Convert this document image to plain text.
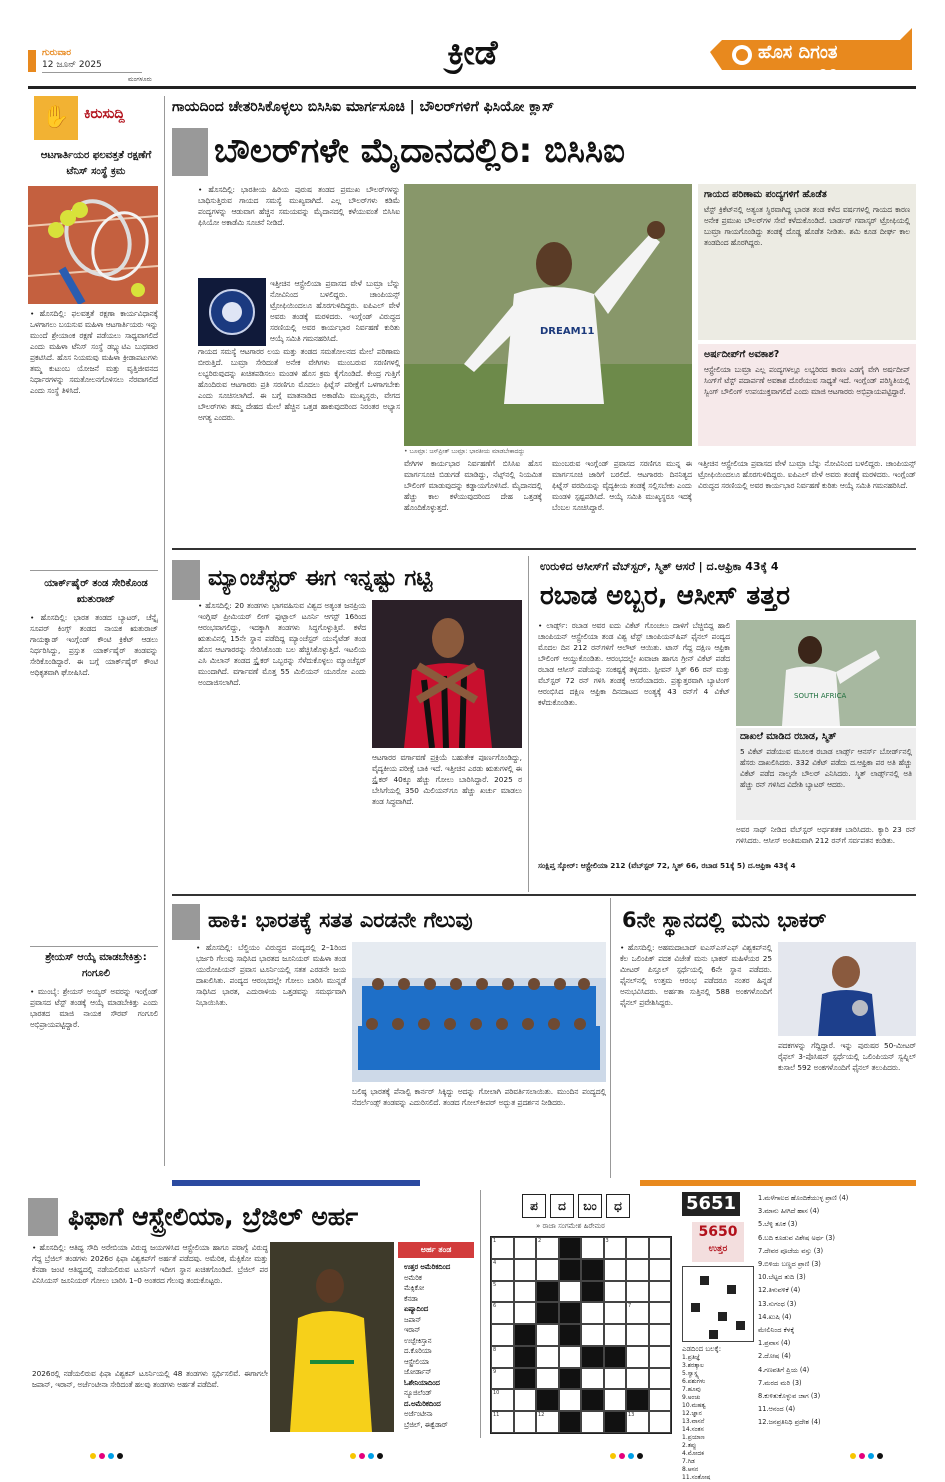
ಗುರುವಾರ
12 ಜೂನ್ 2025
ಮಂಗಳೂರು
ಕ್ರೀಡೆ	ಹೊಸ ದಿಗಂತ
೧೧
✋ ಕಿರುಸುದ್ದಿ
ಆಟಗಾರ್ತಿಯರ ಫಲವತ್ತತೆ ರಕ್ಷಣೆಗೆ ಟೆನಿಸ್ ಸಂಸ್ಥೆ ಕ್ರಮ
• ಹೊಸದಿಲ್ಲಿ: ಫಲವತ್ತತೆ ರಕ್ಷಣಾ ಕಾರ್ಯವಿಧಾನಕ್ಕೆ ಒಳಗಾಗಲು ಬಯಸುವ ಮಹಿಳಾ ಆಟಗಾರ್ತಿಯರು ಇನ್ನು ಮುಂದೆ ಶ್ರೇಯಾಂಕ ರಕ್ಷಣೆ ಪಡೆಯಲು ಸಾಧ್ಯವಾಗಲಿದೆ ಎಂದು ಮಹಿಳಾ ಟೆನಿಸ್ ಸಂಸ್ಥೆ ಡಬ್ಲ್ಯುಟಿಎ ಬುಧವಾರ ಪ್ರಕಟಿಸಿದೆ. ಹೊಸ ನಿಯಮವು ಮಹಿಳಾ ಕ್ರೀಡಾಪಟುಗಳು ತಮ್ಮ ಕುಟುಂಬ ಯೋಜನೆ ಮತ್ತು ವೃತ್ತಿಜೀವನದ ನಿರ್ಧಾರಗಳನ್ನು ಸಮತೋಲನಗೊಳಿಸಲು ನೆರವಾಗಲಿದೆ ಎಂದು ಸಂಸ್ಥೆ ತಿಳಿಸಿದೆ.
ಯಾರ್ಕ್‌ಷೈರ್ ತಂಡ ಸೇರಿಕೊಂಡ ಋತುರಾಜ್
• ಹೊಸದಿಲ್ಲಿ: ಭಾರತ ತಂಡದ ಬ್ಯಾಟರ್, ಚೆನ್ನೈ ಸೂಪರ್ ಕಿಂಗ್ಸ್ ತಂಡದ ನಾಯಕ ಋತುರಾಜ್ ಗಾಯಕ್ವಾಡ್ ಇಂಗ್ಲೆಂಡ್ ಕೌಂಟಿ ಕ್ರಿಕೆಟ್ ಆಡಲು ನಿರ್ಧರಿಸಿದ್ದು, ಪ್ರಸ್ತುತ ಯಾರ್ಕ್‌ಷೈರ್ ತಂಡವನ್ನು ಸೇರಿಕೊಂಡಿದ್ದಾರೆ. ಈ ಬಗ್ಗೆ ಯಾರ್ಕ್‌ಷೈರ್ ಕೌಂಟಿ ಅಧಿಕೃತವಾಗಿ ಘೋಷಿಸಿದೆ.
ಶ್ರೇಯಸ್ ಆಯ್ಕೆ ಮಾಡಬೇಕಿತ್ತು: ಗಂಗೂಲಿ
• ಮುಂಬೈ: ಶ್ರೇಯಸ್ ಅಯ್ಯರ್ ಅವರನ್ನು ಇಂಗ್ಲೆಂಡ್ ಪ್ರವಾಸದ ಟೆಸ್ಟ್ ತಂಡಕ್ಕೆ ಆಯ್ಕೆ ಮಾಡಬೇಕಿತ್ತು ಎಂದು ಭಾರತದ ಮಾಜಿ ನಾಯಕ ಸೌರವ್ ಗಂಗೂಲಿ ಅಭಿಪ್ರಾಯಪಟ್ಟಿದ್ದಾರೆ.
ಗಾಯದಿಂದ ಚೇತರಿಸಿಕೊಳ್ಳಲು ಬಿಸಿಸಿಐ ಮಾರ್ಗಸೂಚಿ | ಬೌಲರ್‌ಗಳಿಗೆ ಫಿಸಿಯೋ ಕ್ಲಾಸ್
ಬೌಲರ್‌ಗಳೇ ಮೈದಾನದಲ್ಲಿರಿ: ಬಿಸಿಸಿಐ
• ಹೊಸದಿಲ್ಲಿ: ಭಾರತೀಯ ಹಿರಿಯ ಪುರುಷ ತಂಡದ ಪ್ರಮುಖ ಬೌಲರ್‌ಗಳನ್ನು ಬಾಧಿಸುತ್ತಿರುವ ಗಾಯದ ಸಮಸ್ಯೆ ಮುಖ್ಯವಾಗಿದೆ. ಎಲ್ಲ ಬೌಲರ್‌ಗಳು ಕಡಿಮೆ ಪಂದ್ಯಗಳನ್ನು ಆಡುವಾಗ ಹೆಚ್ಚಿನ ಸಮಯವನ್ನು ಮೈದಾನದಲ್ಲಿ ಕಳೆಯುವಂತೆ ಬಿಸಿಸಿಐ ಫಿಸಿಯೋ ಅಕಾಡೆಮಿ ಸೂಚನೆ ನೀಡಿದೆ.
ಗಾಯದ ಸಮಸ್ಯೆ ಆಟಗಾರರ ಲಯ ಮತ್ತು ತಂಡದ ಸಮತೋಲನದ ಮೇಲೆ ಪರಿಣಾಮ ಬೀರುತ್ತಿದೆ. ಬುಮ್ರಾ ಸೇರಿದಂತೆ ಅನೇಕ ವೇಗಿಗಳು ಮುಂಬರುವ ಸರಣಿಗಳಲ್ಲಿ ಲಭ್ಯರಿರುವುದನ್ನು ಖಚಿತಪಡಿಸಲು ಮಂಡಳಿ ಹೊಸ ಕ್ರಮ ಕೈಗೊಂಡಿದೆ. ಕೇಂದ್ರ ಗುತ್ತಿಗೆ ಹೊಂದಿರುವ ಆಟಗಾರರು ಪ್ರತಿ ಸರಣಿಗೂ ಮೊದಲು ಫಿಟ್ನೆಸ್ ಪರೀಕ್ಷೆಗೆ ಒಳಗಾಗಬೇಕು ಎಂದು ಸೂಚಿಸಲಾಗಿದೆ. ಈ ಬಗ್ಗೆ ಮಾತನಾಡಿದ ಅಕಾಡೆಮಿ ಮುಖ್ಯಸ್ಥರು, ವೇಗದ ಬೌಲರ್‌ಗಳು ತಮ್ಮ ದೇಹದ ಮೇಲೆ ಹೆಚ್ಚಿನ ಒತ್ತಡ ಹಾಕುವುದರಿಂದ ನಿರಂತರ ಅಭ್ಯಾಸ ಅಗತ್ಯ ಎಂದರು.
ಇತ್ತೀಚಿನ ಆಸ್ಟ್ರೇಲಿಯಾ ಪ್ರವಾಸದ ವೇಳೆ ಬುಮ್ರಾ ಬೆನ್ನು ನೋವಿನಿಂದ ಬಳಲಿದ್ದರು. ಚಾಂಪಿಯನ್ಸ್ ಟ್ರೋಫಿಯಿಂದಲೂ ಹೊರಗುಳಿದಿದ್ದರು. ಐಪಿಎಲ್ ವೇಳೆ ಅವರು ತಂಡಕ್ಕೆ ಮರಳಿದರು. ಇಂಗ್ಲೆಂಡ್ ವಿರುದ್ಧದ ಸರಣಿಯಲ್ಲಿ ಅವರ ಕಾರ್ಯಭಾರ ನಿರ್ವಹಣೆ ಕುರಿತು ಆಯ್ಕೆ ಸಮಿತಿ ಗಮನಹರಿಸಿದೆ.
DREAM11
• ಬೂಮ್ರಾ: ಜಸ್‌ಪ್ರೀತ್ ಬುಮ್ರಾ: ಭಾರತೀಯ ಮಾಡಬೇಕಾದದ್ದು
ವೇಗಿಗಳ ಕಾರ್ಯಭಾರ ನಿರ್ವಹಣೆಗೆ ಬಿಸಿಸಿಐ ಹೊಸ ಮಾರ್ಗಸೂಚಿ ಬಿಡುಗಡೆ ಮಾಡಿದ್ದು, ನೆಟ್ಸ್‌ನಲ್ಲಿ ನಿಯಮಿತ ಬೌಲಿಂಗ್ ಮಾಡುವುದನ್ನು ಕಡ್ಡಾಯಗೊಳಿಸಿದೆ. ಮೈದಾನದಲ್ಲಿ ಹೆಚ್ಚು ಕಾಲ ಕಳೆಯುವುದರಿಂದ ದೇಹ ಒತ್ತಡಕ್ಕೆ ಹೊಂದಿಕೊಳ್ಳುತ್ತದೆ.
ಮುಂಬರುವ ಇಂಗ್ಲೆಂಡ್ ಪ್ರವಾಸದ ಸರಣಿಗೂ ಮುನ್ನ ಈ ಮಾರ್ಗಸೂಚಿ ಜಾರಿಗೆ ಬರಲಿದೆ. ಆಟಗಾರರು ದಿನನಿತ್ಯದ ಫಿಟ್ನೆಸ್ ವರದಿಯನ್ನು ವೈದ್ಯಕೀಯ ತಂಡಕ್ಕೆ ಸಲ್ಲಿಸಬೇಕು ಎಂದು ಮಂಡಳಿ ಸ್ಪಷ್ಟಪಡಿಸಿದೆ. ಆಯ್ಕೆ ಸಮಿತಿ ಮುಖ್ಯಸ್ಥರೂ ಇದಕ್ಕೆ ಬೆಂಬಲ ಸೂಚಿಸಿದ್ದಾರೆ.
ಗಾಯದ ಪರಿಣಾಮ ಪಂದ್ಯಗಳಿಗೆ ಹೊಡೆತ
ಟೆಸ್ಟ್ ಕ್ರಿಕೆಟ್‌ನಲ್ಲಿ ಅತ್ಯಂತ ಸ್ಥಿರವಾಗಿದ್ದ ಭಾರತ ತಂಡ ಕಳೆದ ವರ್ಷಗಳಲ್ಲಿ ಗಾಯದ ಕಾರಣ ಅನೇಕ ಪ್ರಮುಖ ಬೌಲರ್‌ಗಳ ಸೇವೆ ಕಳೆದುಕೊಂಡಿದೆ. ಬಾರ್ಡರ್ ಗವಾಸ್ಕರ್ ಟ್ರೋಫಿಯಲ್ಲಿ ಬುಮ್ರಾ ಗಾಯಗೊಂಡಿದ್ದು ತಂಡಕ್ಕೆ ದೊಡ್ಡ ಹೊಡೆತ ನೀಡಿತು. ಶಮಿ ಕೂಡ ದೀರ್ಘ ಕಾಲ ತಂಡದಿಂದ ಹೊರಗಿದ್ದರು.
ಅರ್ಷದೀಪ್‌ಗೆ ಅವಕಾಶ?
ಆಸ್ಟ್ರೇಲಿಯಾ ಬುಮ್ರಾ ಎಲ್ಲ ಪಂದ್ಯಗಳಲ್ಲೂ ಲಭ್ಯರಿರದ ಕಾರಣ ಎಡಗೈ ವೇಗಿ ಅರ್ಷದೀಪ್ ಸಿಂಗ್‌ಗೆ ಟೆಸ್ಟ್ ಪದಾರ್ಪಣೆ ಅವಕಾಶ ದೊರೆಯುವ ಸಾಧ್ಯತೆ ಇದೆ. ಇಂಗ್ಲೆಂಡ್ ಪರಿಸ್ಥಿತಿಯಲ್ಲಿ ಸ್ವಿಂಗ್ ಬೌಲಿಂಗ್ ಉಪಯುಕ್ತವಾಗಲಿದೆ ಎಂದು ಮಾಜಿ ಆಟಗಾರರು ಅಭಿಪ್ರಾಯಪಟ್ಟಿದ್ದಾರೆ.
ಇತ್ತೀಚಿನ ಆಸ್ಟ್ರೇಲಿಯಾ ಪ್ರವಾಸದ ವೇಳೆ ಬುಮ್ರಾ ಬೆನ್ನು ನೋವಿನಿಂದ ಬಳಲಿದ್ದರು. ಚಾಂಪಿಯನ್ಸ್ ಟ್ರೋಫಿಯಿಂದಲೂ ಹೊರಗುಳಿದಿದ್ದರು. ಐಪಿಎಲ್ ವೇಳೆ ಅವರು ತಂಡಕ್ಕೆ ಮರಳಿದರು. ಇಂಗ್ಲೆಂಡ್ ವಿರುದ್ಧದ ಸರಣಿಯಲ್ಲಿ ಅವರ ಕಾರ್ಯಭಾರ ನಿರ್ವಹಣೆ ಕುರಿತು ಆಯ್ಕೆ ಸಮಿತಿ ಗಮನಹರಿಸಿದೆ.
ಮ್ಯಾಂಚೆಸ್ಟರ್ ಈಗ ಇನ್ನಷ್ಟು ಗಟ್ಟಿ
• ಹೊಸದಿಲ್ಲಿ: 20 ತಂಡಗಳು ಭಾಗವಹಿಸುವ ವಿಶ್ವದ ಅತ್ಯಂತ ಜನಪ್ರಿಯ ಇಂಗ್ಲಿಷ್ ಪ್ರೀಮಿಯರ್ ಲೀಗ್ ಫುಟ್ಬಾಲ್ ಟೂರ್ನಿ ಆಗಸ್ಟ್ 16ರಿಂದ ಆರಂಭವಾಗಲಿದ್ದು, ಇದಕ್ಕಾಗಿ ತಂಡಗಳು ಸಿದ್ಧಗೊಳ್ಳುತ್ತಿವೆ. ಕಳೆದ ಋತುವಿನಲ್ಲಿ 15ನೇ ಸ್ಥಾನ ಪಡೆದಿದ್ದ ಮ್ಯಾಂಚೆಸ್ಟರ್ ಯುನೈಟೆಡ್ ತಂಡ ಹೊಸ ಆಟಗಾರರನ್ನು ಸೇರಿಸಿಕೊಂಡು ಬಲ ಹೆಚ್ಚಿಸಿಕೊಳ್ಳುತ್ತಿದೆ. ಇಟಲಿಯ ಎಸಿ ಮಿಲಾನ್ ತಂಡದ ಸ್ಟ್ರೈಕರ್ ಒಬ್ಬರನ್ನು ಸೆಳೆದುಕೊಳ್ಳಲು ಮ್ಯಾಂಚೆಸ್ಟರ್ ಮುಂದಾಗಿದೆ. ವರ್ಗಾವಣೆ ಮೊತ್ತ 55 ಮಿಲಿಯನ್ ಯೂರೋ ಎಂದು ಅಂದಾಜಿಸಲಾಗಿದೆ.
ಆಟಗಾರರ ವರ್ಗಾವಣೆ ಪ್ರಕ್ರಿಯೆ ಬಹುತೇಕ ಪೂರ್ಣಗೊಂಡಿದ್ದು, ವೈದ್ಯಕೀಯ ಪರೀಕ್ಷೆ ಬಾಕಿ ಇದೆ. ಇತ್ತೀಚಿನ ಎರಡು ಋತುಗಳಲ್ಲಿ ಈ ಸ್ಟ್ರೈಕರ್ 40ಕ್ಕೂ ಹೆಚ್ಚು ಗೋಲು ಬಾರಿಸಿದ್ದಾರೆ. 2025 ರ ಬೇಸಿಗೆಯಲ್ಲಿ 350 ಮಿಲಿಯನ್‌ಗೂ ಹೆಚ್ಚು ಖರ್ಚು ಮಾಡಲು ತಂಡ ಸಿದ್ಧವಾಗಿದೆ.
ಉರುಳಿದ ಆಸೀಸ್‌ಗೆ ವೆಬ್‌ಸ್ಟರ್, ಸ್ಮಿತ್ ಆಸರೆ | ದ.ಆಫ್ರಿಕಾ 43ಕ್ಕೆ 4
ರಬಾಡ ಅಬ್ಬರ, ಆಸೀಸ್ ತತ್ತರ
• ಲಾರ್ಡ್ಸ್: ರಬಾಡ ಅವರ ಐದು ವಿಕೆಟ್ ಗೊಂಚಲು ದಾಳಿಗೆ ಬೆಚ್ಚಿಬಿದ್ದ ಹಾಲಿ ಚಾಂಪಿಯನ್ ಆಸ್ಟ್ರೇಲಿಯಾ ತಂಡ ವಿಶ್ವ ಟೆಸ್ಟ್ ಚಾಂಪಿಯನ್‌ಷಿಪ್ ಫೈನಲ್ ಪಂದ್ಯದ ಮೊದಲ ದಿನ 212 ರನ್‌ಗಳಿಗೆ ಆಲೌಟ್ ಆಯಿತು. ಟಾಸ್ ಗೆದ್ದ ದಕ್ಷಿಣ ಆಫ್ರಿಕಾ ಬೌಲಿಂಗ್ ಆಯ್ದುಕೊಂಡಿತು. ಆರಂಭದಲ್ಲೇ ಖವಾಜಾ ಹಾಗೂ ಗ್ರೀನ್ ವಿಕೆಟ್ ಪಡೆದ ರಬಾಡ ಆಸೀಸ್ ಪಡೆಯನ್ನು ಸಂಕಷ್ಟಕ್ಕೆ ತಳ್ಳಿದರು. ಸ್ಟೀವನ್ ಸ್ಮಿತ್ 66 ರನ್ ಮತ್ತು ವೆಬ್‌ಸ್ಟರ್ 72 ರನ್ ಗಳಿಸಿ ತಂಡಕ್ಕೆ ಆಸರೆಯಾದರು. ಪ್ರತ್ಯುತ್ತರವಾಗಿ ಬ್ಯಾಟಿಂಗ್ ಆರಂಭಿಸಿದ ದಕ್ಷಿಣ ಆಫ್ರಿಕಾ ದಿನದಾಟದ ಅಂತ್ಯಕ್ಕೆ 43 ರನ್‌ಗೆ 4 ವಿಕೆಟ್ ಕಳೆದುಕೊಂಡಿತು.
SOUTH AFRICA
ದಾಖಲೆ ಮಾಡಿದ ರಬಾಡ, ಸ್ಮಿತ್
5 ವಿಕೆಟ್ ಪಡೆಯುವ ಮೂಲಕ ರಬಾಡ ಲಾರ್ಡ್ಸ್ ಆನರ್ಸ್ ಬೋರ್ಡ್‌ನಲ್ಲಿ ಹೆಸರು ದಾಖಲಿಸಿದರು. 332 ವಿಕೆಟ್ ಪಡೆದು ದ.ಆಫ್ರಿಕಾ ಪರ ಅತಿ ಹೆಚ್ಚು ವಿಕೆಟ್ ಪಡೆದ ನಾಲ್ಕನೇ ಬೌಲರ್ ಎನಿಸಿದರು. ಸ್ಮಿತ್ ಲಾರ್ಡ್ಸ್‌ನಲ್ಲಿ ಅತಿ ಹೆಚ್ಚು ರನ್ ಗಳಿಸಿದ ವಿದೇಶಿ ಬ್ಯಾಟರ್ ಆದರು.
ಅವರ ಸಾಥ್ ನೀಡಿದ ವೆಬ್‌ಸ್ಟರ್ ಅರ್ಧಶತಕ ಬಾರಿಸಿದರು. ಕ್ಯಾರಿ 23 ರನ್ ಗಳಿಸಿದರು. ಆಸೀಸ್ ಅಂತಿಮವಾಗಿ 212 ರನ್‌ಗೆ ಸರ್ವಪತನ ಕಂಡಿತು.
ಸಂಕ್ಷಿಪ್ತ ಸ್ಕೋರ್: ಆಸ್ಟ್ರೇಲಿಯಾ 212 (ವೆಬ್‌ಸ್ಟರ್ 72, ಸ್ಮಿತ್ 66, ರಬಾಡ 51ಕ್ಕೆ 5) ದ.ಆಫ್ರಿಕಾ 43ಕ್ಕೆ 4
ಹಾಕಿ: ಭಾರತಕ್ಕೆ ಸತತ ಎರಡನೇ ಗೆಲುವು
• ಹೊಸದಿಲ್ಲಿ: ಬೆಲ್ಜಿಯಂ ವಿರುದ್ಧದ ಪಂದ್ಯದಲ್ಲಿ 2–1ರಿಂದ ಭರ್ಜರಿ ಗೆಲುವು ಸಾಧಿಸಿದ ಭಾರತದ ಜೂನಿಯರ್ ಮಹಿಳಾ ತಂಡ ಯುರೋಪಿಯನ್ ಪ್ರವಾಸ ಟೂರ್ನಿಯಲ್ಲಿ ಸತತ ಎರಡನೇ ಜಯ ದಾಖಲಿಸಿತು. ಪಂದ್ಯದ ಆರಂಭದಲ್ಲೇ ಗೋಲು ಬಾರಿಸಿ ಮುನ್ನಡೆ ಸಾಧಿಸಿದ ಭಾರತ, ಎದುರಾಳಿಯ ಒತ್ತಡವನ್ನು ಸಮರ್ಥವಾಗಿ ನಿಭಾಯಿಸಿತು.
ಬಲಿಷ್ಠ ಭಾರತಕ್ಕೆ ಪೆನಾಲ್ಟಿ ಕಾರ್ನರ್ ಸಿಕ್ಕಿದ್ದು ಅದನ್ನು ಗೋಲಾಗಿ ಪರಿವರ್ತಿಸಲಾಯಿತು. ಮುಂದಿನ ಪಂದ್ಯದಲ್ಲಿ ನೆದರ್ಲೆಂಡ್ಸ್ ತಂಡವನ್ನು ಎದುರಿಸಲಿದೆ. ತಂಡದ ಗೋಲ್‌ಕೀಪರ್ ಅದ್ಭುತ ಪ್ರದರ್ಶನ ನೀಡಿದರು.
6ನೇ ಸ್ಥಾನದಲ್ಲಿ ಮನು ಭಾಕರ್
• ಹೊಸದಿಲ್ಲಿ: ಅಹಮದಾಬಾದ್ ಐಎಸ್‌ಎಸ್‌ಎಫ್ ವಿಶ್ವಕಪ್‌ನಲ್ಲಿ ಕೆಲ ಒಲಿಂಪಿಕ್ ಪದಕ ವಿಜೇತೆ ಮನು ಭಾಕರ್ ಮಹಿಳೆಯರ 25 ಮೀಟರ್ ಪಿಸ್ತೂಲ್ ಸ್ಪರ್ಧೆಯಲ್ಲಿ 6ನೇ ಸ್ಥಾನ ಪಡೆದರು. ಫೈನಲ್‌ನಲ್ಲಿ ಉತ್ತಮ ಆರಂಭ ಪಡೆದರೂ ನಂತರ ಹಿನ್ನಡೆ ಅನುಭವಿಸಿದರು. ಅರ್ಹತಾ ಸುತ್ತಿನಲ್ಲಿ 588 ಅಂಕಗಳೊಂದಿಗೆ ಫೈನಲ್ ಪ್ರವೇಶಿಸಿದ್ದರು.
ಪದಕಗಳನ್ನು ಗೆದ್ದಿದ್ದಾರೆ. ಇನ್ನು ಪುರುಷರ 50-ಮೀಟರ್ ರೈಫಲ್ 3-ಪೊಸಿಷನ್ ಸ್ಪರ್ಧೆಯಲ್ಲಿ ಒಲಿಂಪಿಯನ್ ಸ್ವಪ್ನಿಲ್ ಕುಸಾಲೆ 592 ಅಂಕಗಳೊಂದಿಗೆ ಫೈನಲ್ ತಲುಪಿದರು.
ಫಿಫಾಗೆ ಆಸ್ಟ್ರೇಲಿಯಾ, ಬ್ರೆಜಿಲ್ ಅರ್ಹ
• ಹೊಸದಿಲ್ಲಿ: ಆತಿಥ್ಯ ಸೌದಿ ಅರೇಬಿಯಾ ವಿರುದ್ಧ ಜಯಗಳಿಸಿದ ಆಸ್ಟ್ರೇಲಿಯಾ ಹಾಗೂ ಪರಾಗ್ವೆ ವಿರುದ್ಧ ಗೆದ್ದ ಬ್ರೆಜಿಲ್ ತಂಡಗಳು 2026ರ ಫಿಫಾ ವಿಶ್ವಕಪ್‌ಗೆ ಅರ್ಹತೆ ಪಡೆದವು. ಅಮೆರಿಕ, ಮೆಕ್ಸಿಕೋ ಮತ್ತು ಕೆನಡಾ ಜಂಟಿ ಆತಿಥ್ಯದಲ್ಲಿ ನಡೆಯಲಿರುವ ಟೂರ್ನಿಗೆ ಇದೀಗ ಸ್ಥಾನ ಖಚಿತಗೊಂಡಿದೆ. ಬ್ರೆಜಿಲ್ ಪರ ವಿನಿಸಿಯಸ್ ಜೂನಿಯರ್ ಗೋಲು ಬಾರಿಸಿ 1–0 ಅಂತರದ ಗೆಲುವು ತಂದುಕೊಟ್ಟರು.
2026ರಲ್ಲಿ ನಡೆಯಲಿರುವ ಫಿಫಾ ವಿಶ್ವಕಪ್ ಟೂರ್ನಿಯಲ್ಲಿ 48 ತಂಡಗಳು ಸ್ಪರ್ಧಿಸಲಿವೆ. ಈಗಾಗಲೇ ಜಪಾನ್, ಇರಾನ್, ಅರ್ಜೆಂಟೀನಾ ಸೇರಿದಂತೆ ಹಲವು ತಂಡಗಳು ಅರ್ಹತೆ ಪಡೆದಿವೆ.
ಅರ್ಹ ತಂಡ
ಉತ್ತರ ಅಮೆರಿಕದಿಂದ
ಅಮೆರಿಕ
ಮೆಕ್ಸಿಕೋ
ಕೆನಡಾ
ಏಷ್ಯಾದಿಂದ
ಜಪಾನ್
ಇರಾನ್
ಉಜ್ಬೇಕಿಸ್ತಾನ
ದ.ಕೊರಿಯಾ
ಆಸ್ಟ್ರೇಲಿಯಾ
ಜೋರ್ಡಾನ್
ಓಶೇನಿಯಾದಿಂದ
ನ್ಯೂಜಿಲೆಂಡ್
ದ.ಅಮೆರಿಕದಿಂದ
ಅರ್ಜೆಂಟೀನಾ
ಬ್ರೆಜಿಲ್, ಈಕ್ವೆಡಾರ್
ಪ	ದ	ಬಂ	ಧ
» ರಾಜಾ ಸಂಗಮೇಶ ಹಿರೇಮಠ
1	2	3
4
5
6	7
8
9
10
11	12	13
5651
5650
ಉತ್ತರ
ಎಡದಿಂದ ಬಲಕ್ಕೆ:
1.ಪ್ರತಿಜ್ಞೆ
3.ಶರತ್ಕಾಲ
5.ಸ್ವಾಸ್ಥ್ಯ
6.ಪಶುಗಳು
7.ಹೂವು
9.ಅಂಚು
10.ಮಹತ್ವ
12.ಜ್ಞಾನ
13.ವಾಸನೆ
14.ಸಂತಸ
1.ಪ್ರಯಾಣ
2.ತಪ್ಪು
4.ಮೋದಕ
7.ಗಿಡ
8.ಆಸನ
11.ಸಂತೋಷ
1.ಮಳೆಗಾಲದ ಹೊಂದಿಕೆಯುಳ್ಳ ಪ್ರಾಣಿ (4)
3.ಮಾನು ಹೀಗಿದೆ ಹಾಸ (4)
5.ಬೆಳ್ಳಿ ತೂಕ (3)
6.ಬದಿ ಕೂಡುವ ವಿಶೇಷ ಅರ್ಥ (3)
7.ದೇವರ ಪೂಜೆಯ ವಸ್ತು (3)
9.ಬಿಳಿಯ ಬಣ್ಣದ ಪ್ರಾಣಿ (3)
10.ಬೆಟ್ಟದ ತುದಿ (3)
12.ತಿಳುವಳಿಕೆ (4)
13.ಸುಗಂಧ (3)
14.ಖುಷಿ (4)
ಮೇಲಿನಿಂದ ಕೆಳಕ್ಕೆ
1.ಪ್ರವಾಸ (4)
2.ದೋಷ (4)
4.ಗಣಪತಿಗೆ ಪ್ರಿಯ (4)
7.ಮರದ ಮರಿ (3)
8.ಕುಳಿತುಕೊಳ್ಳುವ ಜಾಗ (3)
11.ಆನಂದ (4)
12.ಜನಪ್ರತಿನಿಧಿ ಪ್ರದೇಶ (4)
